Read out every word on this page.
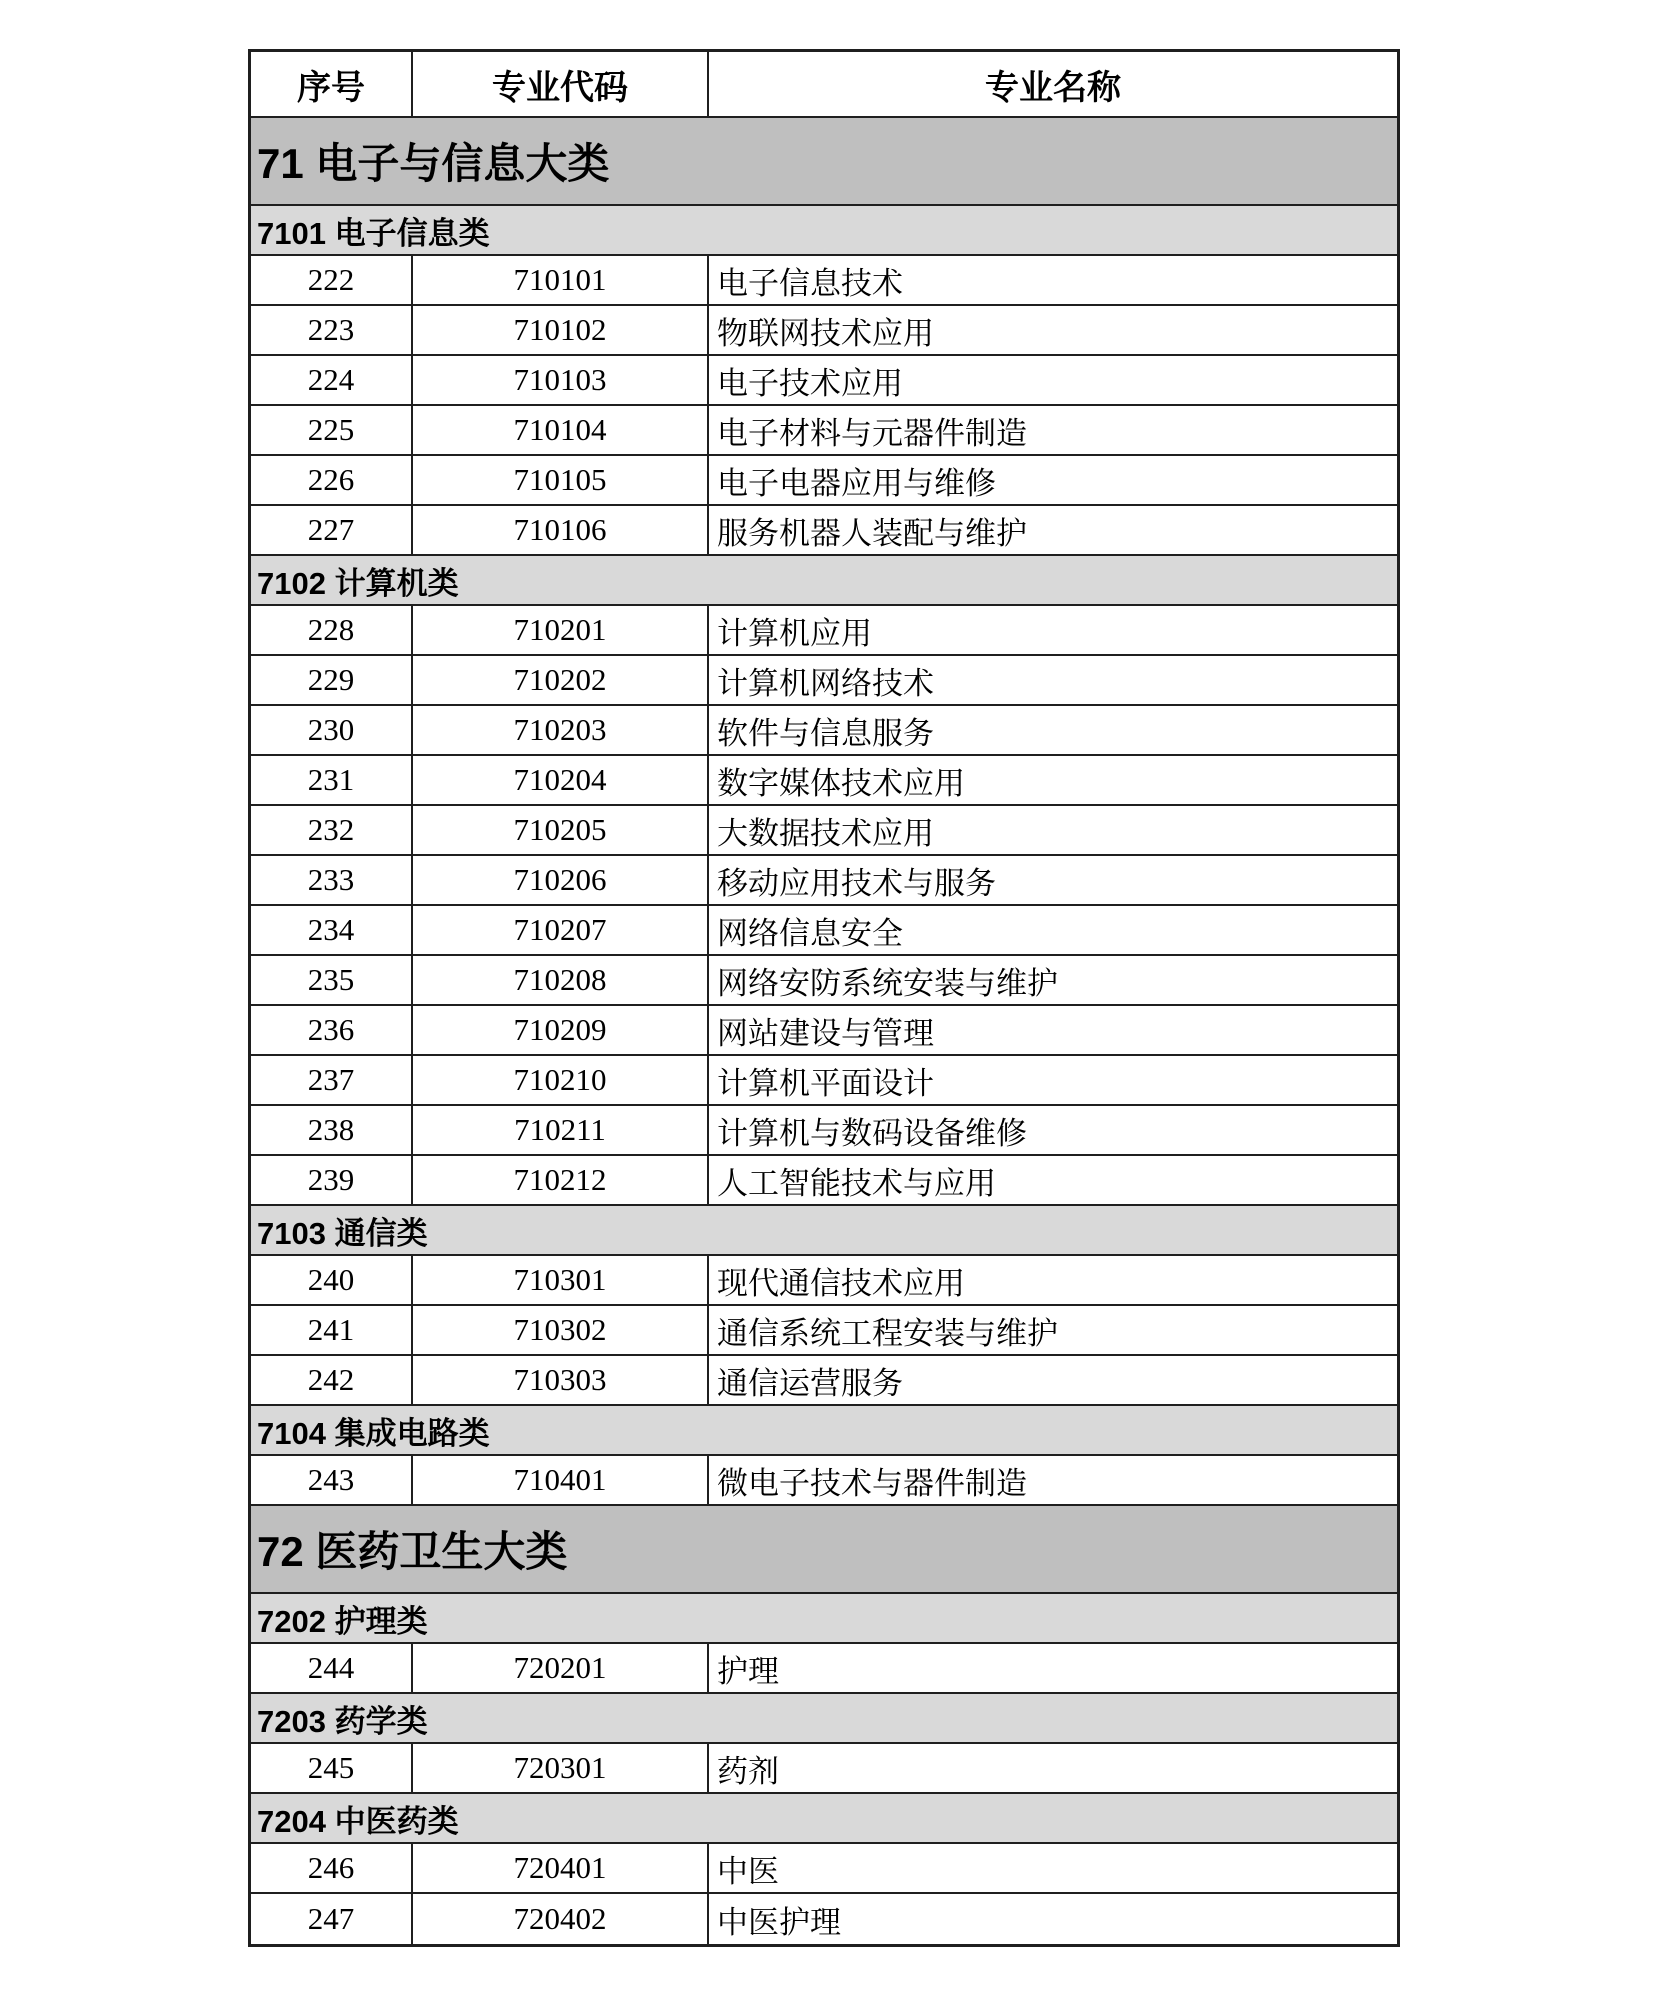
序号	专业代码	专业名称
71 电子与信息大类
7101 电子信息类
222	710101	电子信息技术
223	710102	物联网技术应用
224	710103	电子技术应用
225	710104	电子材料与元器件制造
226	710105	电子电器应用与维修
227	710106	服务机器人装配与维护
7102 计算机类
228	710201	计算机应用
229	710202	计算机网络技术
230	710203	软件与信息服务
231	710204	数字媒体技术应用
232	710205	大数据技术应用
233	710206	移动应用技术与服务
234	710207	网络信息安全
235	710208	网络安防系统安装与维护
236	710209	网站建设与管理
237	710210	计算机平面设计
238	710211	计算机与数码设备维修
239	710212	人工智能技术与应用
7103 通信类
240	710301	现代通信技术应用
241	710302	通信系统工程安装与维护
242	710303	通信运营服务
7104 集成电路类
243	710401	微电子技术与器件制造
72 医药卫生大类
7202 护理类
244	720201	护理
7203 药学类
245	720301	药剂
7204 中医药类
246	720401	中医
247	720402	中医护理
